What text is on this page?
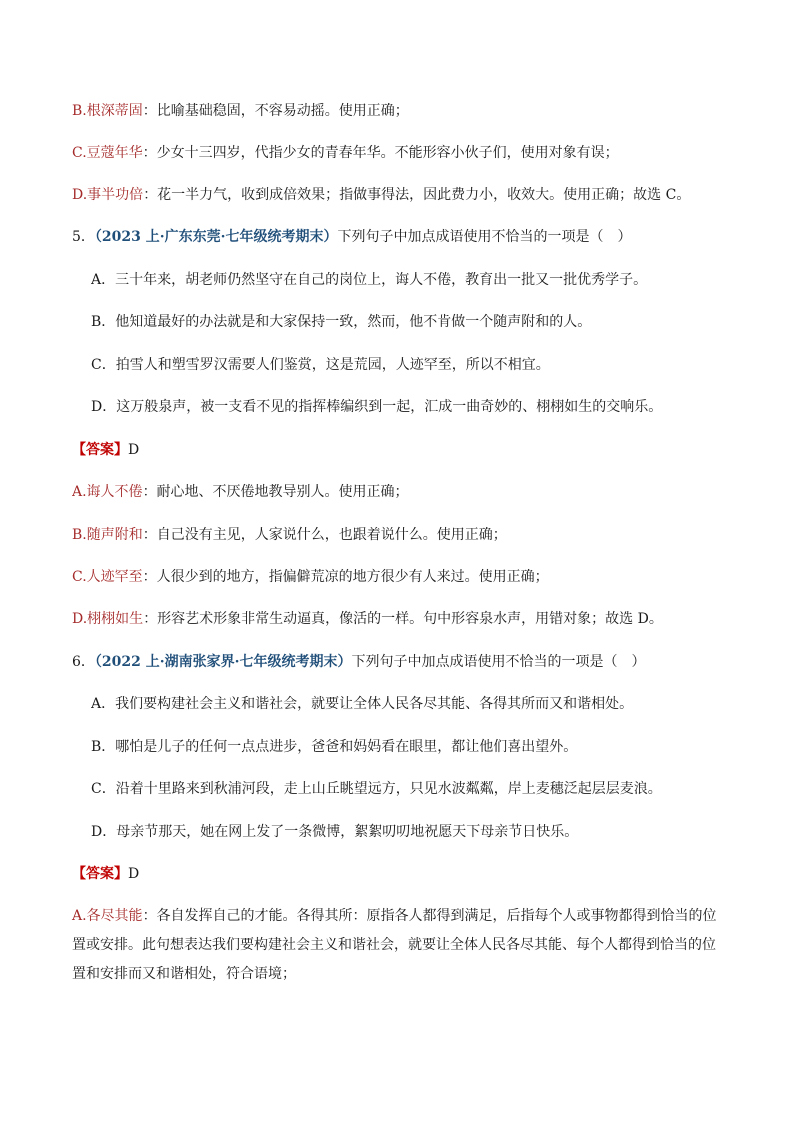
B.根深蒂固：比喻基础稳固，不容易动摇。使用正确；
C.豆蔻年华：少女十三四岁，代指少女的青春年华。不能形容小伙子们，使用对象有误；
D.事半功倍：花一半力气，收到成倍效果；指做事得法，因此费力小，收效大。使用正确；故选 C。
5．（2023 上·广东东莞·七年级统考期末）下列句子中加点成语使用不恰当的一项是（　）
A．三十年来，胡老师仍然坚守在自己的岗位上，诲人不倦，教育出一批又一批优秀学子。
B．他知道最好的办法就是和大家保持一致，然而，他不肯做一个随声附和的人。
C．拍雪人和塑雪罗汉需要人们鉴赏，这是荒园，人迹罕至，所以不相宜。
D．这万般泉声，被一支看不见的指挥棒编织到一起，汇成一曲奇妙的、栩栩如生的交响乐。
【答案】D
A.诲人不倦：耐心地、不厌倦地教导别人。使用正确；
B.随声附和：自己没有主见，人家说什么，也跟着说什么。使用正确；
C.人迹罕至：人很少到的地方，指偏僻荒凉的地方很少有人来过。使用正确；
D.栩栩如生：形容艺术形象非常生动逼真，像活的一样。句中形容泉水声，用错对象；故选 D。
6．（2022 上·湖南张家界·七年级统考期末）下列句子中加点成语使用不恰当的一项是（　）
A．我们要构建社会主义和谐社会，就要让全体人民各尽其能、各得其所而又和谐相处。
B．哪怕是儿子的任何一点点进步，爸爸和妈妈看在眼里，都让他们喜出望外。
C．沿着十里路来到秋浦河段，走上山丘眺望远方，只见水波粼粼，岸上麦穗泛起层层麦浪。
D．母亲节那天，她在网上发了一条微博，絮絮叨叨地祝愿天下母亲节日快乐。
【答案】D
A.各尽其能：各自发挥自己的才能。各得其所：原指各人都得到满足，后指每个人或事物都得到恰当的位置或安排。此句想表达我们要构建社会主义和谐社会，就要让全体人民各尽其能、每个人都得到恰当的位置和安排而又和谐相处，符合语境；
